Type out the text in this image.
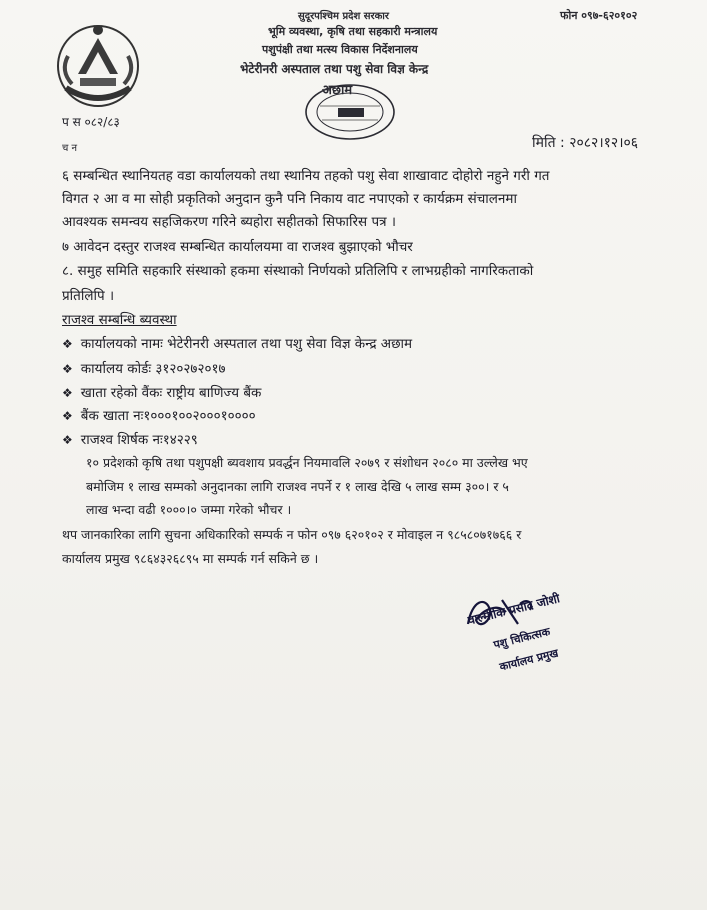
सुदूरपश्चिम प्रदेश सरकार	फोन ०९७-६२०१०२
भूमि व्यवस्था, कृषि तथा सहकारी मन्त्रालय
पशुपंक्षी तथा मत्स्य विकास निर्देशनालय
भेटेरीनरी अस्पताल तथा पशु सेवा विज्ञ केन्द्र
अछाम
प स ०८२/८३
च न	मिति : २०८२।१२।०६
६ सम्बन्धित स्थानियतह वडा कार्यालयको तथा स्थानिय तहको पशु सेवा शाखावाट दोहोरो नहुने गरी गत
विगत २ आ व मा सोही प्रकृतिको अनुदान कुनै पनि निकाय वाट नपाएको र कार्यक्रम संचालनमा
आवश्यक समन्वय सहजिकरण गरिने ब्यहोरा सहीतको सिफारिस पत्र ।
७ आवेदन दस्तुर राजश्व सम्बन्धित कार्यालयमा वा राजश्व बुझाएको भौचर
८. समुह समिति सहकारि संस्थाको हकमा संस्थाको निर्णयको प्रतिलिपि र लाभग्रहीको नागरिकताको
प्रतिलिपि ।
राजश्व सम्बन्धि ब्यवस्था
❖ कार्यालयको नामः भेटेरीनरी अस्पताल तथा पशु सेवा विज्ञ केन्द्र अछाम
❖ कार्यालय कोर्डः ३१२०२७२०१७
❖ खाता रहेको वैंकः राष्ट्रीय बाणिज्य बैंक
❖ बैंक खाता नः१०००१००२०००१००००
❖ राजश्व शिर्षक नः१४२२९
१० प्रदेशको कृषि तथा पशुपक्षी ब्यवशाय प्रवर्द्धन नियमावलि २०७९ र संशोधन २०८० मा उल्लेख भए
बमोजिम १ लाख सम्मको अनुदानका लागि राजश्व नपर्ने र १ लाख देखि ५ लाख सम्म ३००। र ५
लाख भन्दा वढी १०००।० जम्मा गरेको भौचर ।
थप जानकारिका लागि सुचना अधिकारिको सम्पर्क न फोन ०९७ ६२०१०२ र मोवाइल न ९८५८०७१७६६ र
कार्यालय प्रमुख ९८६४३२६८९५ मा सम्पर्क गर्न सकिने छ ।
वाल्मीकि प्रसाद जोशी
पशु चिकित्सक
कार्यालय प्रमुख
